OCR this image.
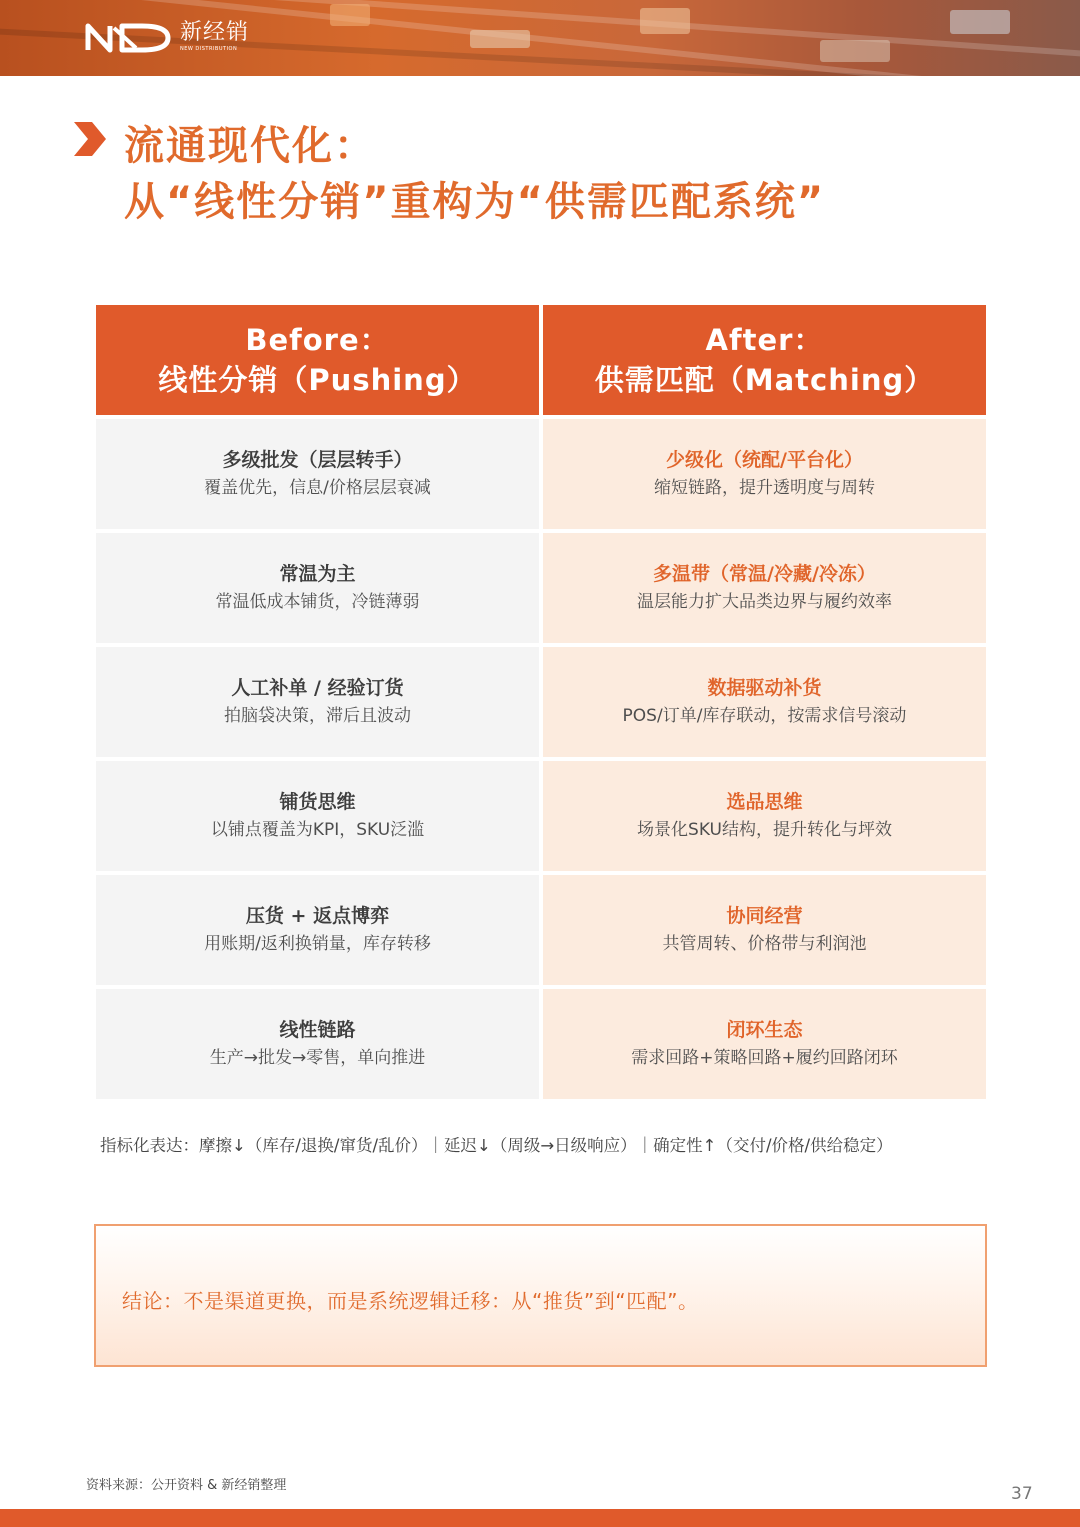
新经销
NEW DISTRIBUTION
流通现代化：
从“线性分销”重构为“供需匹配系统”
Before：
线性分销（Pushing）
After：
供需匹配（Matching）
多级批发（层层转手）
覆盖优先，信息/价格层层衰减
少级化（统配/平台化）
缩短链路，提升透明度与周转
常温为主
常温低成本铺货，冷链薄弱
多温带（常温/冷藏/冷冻）
温层能力扩大品类边界与履约效率
人工补单 / 经验订货
拍脑袋决策，滞后且波动
数据驱动补货
POS/订单/库存联动，按需求信号滚动
铺货思维
以铺点覆盖为KPI，SKU泛滥
选品思维
场景化SKU结构，提升转化与坪效
压货 + 返点博弈
用账期/返利换销量，库存转移
协同经营
共管周转、价格带与利润池
线性链路
生产→批发→零售，单向推进
闭环生态
需求回路+策略回路+履约回路闭环
指标化表达：摩擦↓（库存/退换/窜货/乱价）｜延迟↓（周级→日级响应）｜确定性↑（交付/价格/供给稳定）
结论：不是渠道更换，而是系统逻辑迁移：从“推货”到“匹配”。
资料来源：公开资料 & 新经销整理	37
